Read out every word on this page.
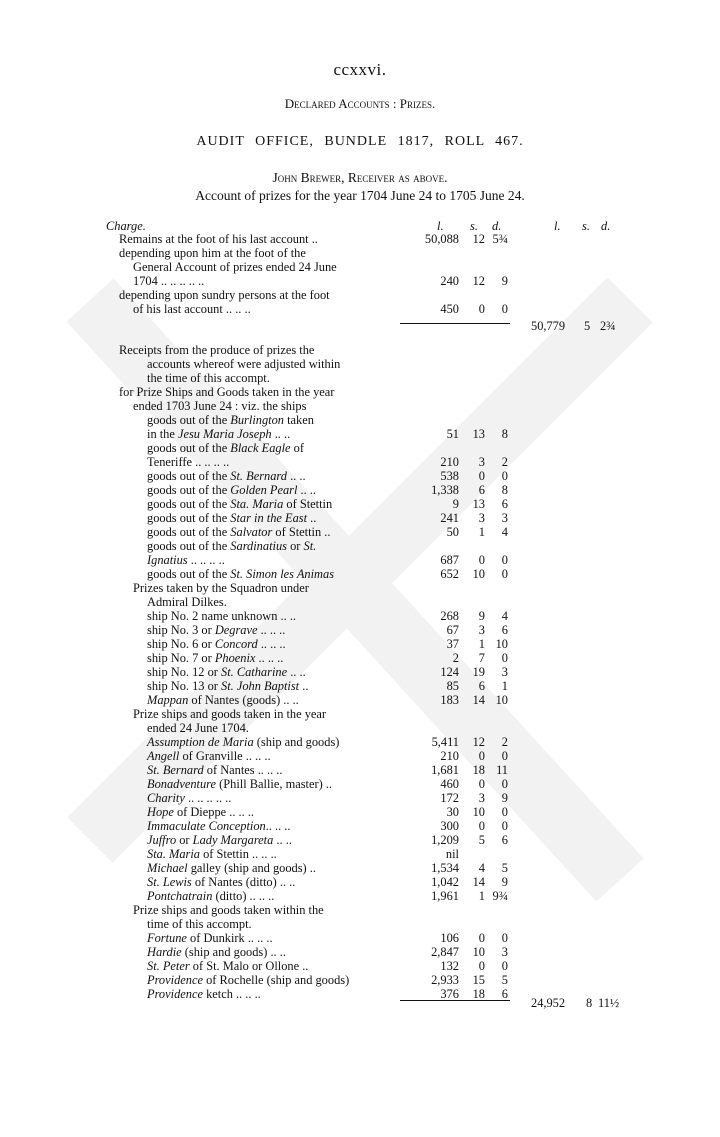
ccxxvi.
Declared Accounts : Prizes.
AUDIT OFFICE, BUNDLE 1817, ROLL 467.
John Brewer, Receiver as above.
Account of prizes for the year 1704 June 24 to 1705 June 24.
Charge.	l. s. d.	l. s. d.
Remains at the foot of his last account ..	50,088 12 5¾
depending upon him at the foot of the
General Account of prizes ended 24 June
1704 .. .. .. .. ..	240 12 9
depending upon sundry persons at the foot
of his last account .. .. ..	450 0 0
Receipts from the produce of prizes the
accounts whereof were adjusted within
the time of this accompt.
for Prize Ships and Goods taken in the year
ended 1703 June 24 : viz. the ships
goods out of the Burlington taken
in the Jesu Maria Joseph .. ..	51 13 8
goods out of the Black Eagle of
Teneriffe .. .. .. ..	210 3 2
goods out of the St. Bernard .. ..	538 0 0
goods out of the Golden Pearl .. ..	1,338 6 8
goods out of the Sta. Maria of Stettin	9 13 6
goods out of the Star in the East ..	241 3 3
goods out of the Salvator of Stettin ..	50 1 4
goods out of the Sardinatius or St.
Ignatius .. .. .. ..	687 0 0
goods out of the St. Simon les Animas	652 10 0
Prizes taken by the Squadron under
Admiral Dilkes.
ship No. 2 name unknown .. ..	268 9 4
ship No. 3 or Degrave .. .. ..	67 3 6
ship No. 6 or Concord .. .. ..	37 1 10
ship No. 7 or Phoenix .. .. ..	2 7 0
ship No. 12 or St. Catharine .. ..	124 19 3
ship No. 13 or St. John Baptist ..	85 6 1
Mappan of Nantes (goods) .. ..	183 14 10
Prize ships and goods taken in the year
ended 24 June 1704.
Assumption de Maria (ship and goods)	5,411 12 2
Angell of Granville .. .. ..	210 0 0
St. Bernard of Nantes .. .. ..	1,681 18 11
Bonadventure (Phill Ballie, master) ..	460 0 0
Charity .. .. .. .. ..	172 3 9
Hope of Dieppe .. .. ..	30 10 0
Immaculate Conception.. .. ..	300 0 0
Juffro or Lady Margareta .. ..	1,209 5 6
Sta. Maria of Stettin .. .. ..	nil
Michael galley (ship and goods) ..	1,534 4 5
St. Lewis of Nantes (ditto) .. ..	1,042 14 9
Pontchatrain (ditto) .. .. ..	1,961 1 9¾
Prize ships and goods taken within the
time of this accompt.
Fortune of Dunkirk .. .. ..	106 0 0
Hardie (ship and goods) .. ..	2,847 10 3
St. Peter of St. Malo or Ollone ..	132 0 0
Providence of Rochelle (ship and goods)	2,933 15 5
Providence ketch .. .. ..	376 18 6
50,779 5 2¾
24,952 8 11½
